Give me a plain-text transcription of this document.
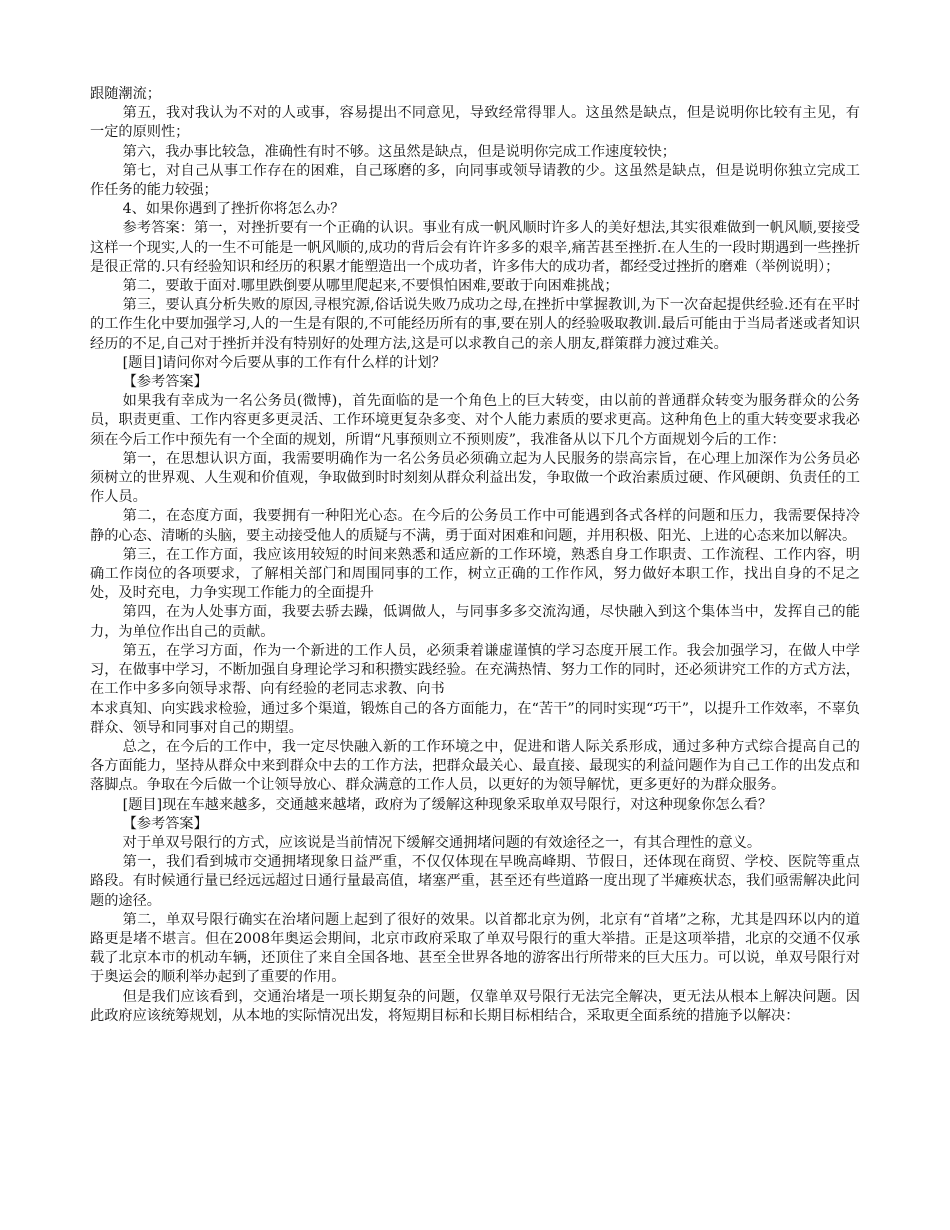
跟随潮流；

第五，我对我认为不对的人或事，容易提出不同意见，导致经常得罪人。这虽然是缺点，但是说明你比较有主见，有一定的原则性；

第六，我办事比较急，准确性有时不够。这虽然是缺点，但是说明你完成工作速度较快；

第七，对自己从事工作存在的困难，自己琢磨的多，向同事或领导请教的少。这虽然是缺点，但是说明你独立完成工作任务的能力较强；

4、如果你遇到了挫折你将怎么办？

参考答案：第一，对挫折要有一个正确的认识。事业有成一帆风顺时许多人的美好想法,其实很难做到一帆风顺,要接受这样一个现实,人的一生不可能是一帆风顺的,成功的背后会有许许多多的艰辛,痛苦甚至挫折.在人生的一段时期遇到一些挫折是很正常的.只有经验知识和经历的积累才能塑造出一个成功者，许多伟大的成功者，都经受过挫折的磨难（举例说明）；

第二，要敢于面对.哪里跌倒要从哪里爬起来,不要惧怕困难,要敢于向困难挑战；

第三，要认真分析失败的原因,寻根究源,俗话说失败乃成功之母,在挫折中掌握教训,为下一次奋起提供经验.还有在平时的工作生化中要加强学习,人的一生是有限的,不可能经历所有的事,要在别人的经验吸取教训.最后可能由于当局者迷或者知识经历的不足,自己对于挫折并没有特别好的处理方法,这是可以求教自己的亲人朋友,群策群力渡过难关。

[题目]请问你对今后要从事的工作有什么样的计划？

【参考答案】

如果我有幸成为一名公务员(微博)，首先面临的是一个角色上的巨大转变，由以前的普通群众转变为服务群众的公务员，职责更重、工作内容更多更灵活、工作环境更复杂多变、对个人能力素质的要求更高。这种角色上的重大转变要求我必须在今后工作中预先有一个全面的规划，所谓“凡事预则立不预则废”，我准备从以下几个方面规划今后的工作：

第一，在思想认识方面，我需要明确作为一名公务员必须确立起为人民服务的崇高宗旨，在心理上加深作为公务员必须树立的世界观、人生观和价值观，争取做到时时刻刻从群众利益出发，争取做一个政治素质过硬、作风硬朗、负责任的工作人员。

第二，在态度方面，我要拥有一种阳光心态。在今后的公务员工作中可能遇到各式各样的问题和压力，我需要保持冷静的心态、清晰的头脑，要主动接受他人的质疑与不满，勇于面对困难和问题，并用积极、阳光、上进的心态来加以解决。

第三，在工作方面，我应该用较短的时间来熟悉和适应新的工作环境，熟悉自身工作职责、工作流程、工作内容，明确工作岗位的各项要求，了解相关部门和周围同事的工作，树立正确的工作作风，努力做好本职工作，找出自身的不足之处，及时充电，力争实现工作能力的全面提升

第四，在为人处事方面，我要去骄去躁，低调做人，与同事多多交流沟通，尽快融入到这个集体当中，发挥自己的能力，为单位作出自己的贡献。

第五，在学习方面，作为一个新进的工作人员，必须秉着谦虚谨慎的学习态度开展工作。我会加强学习，在做人中学习，在做事中学习，不断加强自身理论学习和积攒实践经验。在充满热情、努力工作的同时，还必须讲究工作的方式方法，在工作中多多向领导求帮、向有经验的老同志求教、向书

本求真知、向实践求检验，通过多个渠道，锻炼自己的各方面能力，在“苦干”的同时实现“巧干”，以提升工作效率，不辜负群众、领导和同事对自己的期望。

总之，在今后的工作中，我一定尽快融入新的工作环境之中，促进和谐人际关系形成，通过多种方式综合提高自己的各方面能力，坚持从群众中来到群众中去的工作方法，把群众最关心、最直接、最现实的利益问题作为自己工作的出发点和落脚点。争取在今后做一个让领导放心、群众满意的工作人员，以更好的为领导解忧，更多更好的为群众服务。

[题目]现在车越来越多，交通越来越堵，政府为了缓解这种现象采取单双号限行，对这种现象你怎么看？

【参考答案】

对于单双号限行的方式，应该说是当前情况下缓解交通拥堵问题的有效途径之一，有其合理性的意义。

第一，我们看到城市交通拥堵现象日益严重，不仅仅体现在早晚高峰期、节假日，还体现在商贸、学校、医院等重点路段。有时候通行量已经远远超过日通行量最高值，堵塞严重，甚至还有些道路一度出现了半瘫痪状态，我们亟需解决此问题的途径。

第二，单双号限行确实在治堵问题上起到了很好的效果。以首都北京为例，北京有“首堵”之称，尤其是四环以内的道路更是堵不堪言。但在2008年奥运会期间，北京市政府采取了单双号限行的重大举措。正是这项举措，北京的交通不仅承载了北京本市的机动车辆，还顶住了来自全国各地、甚至全世界各地的游客出行所带来的巨大压力。可以说，单双号限行对于奥运会的顺利举办起到了重要的作用。

但是我们应该看到，交通治堵是一项长期复杂的问题，仅靠单双号限行无法完全解决，更无法从根本上解决问题。因此政府应该统筹规划，从本地的实际情况出发，将短期目标和长期目标相结合，采取更全面系统的措施予以解决：
